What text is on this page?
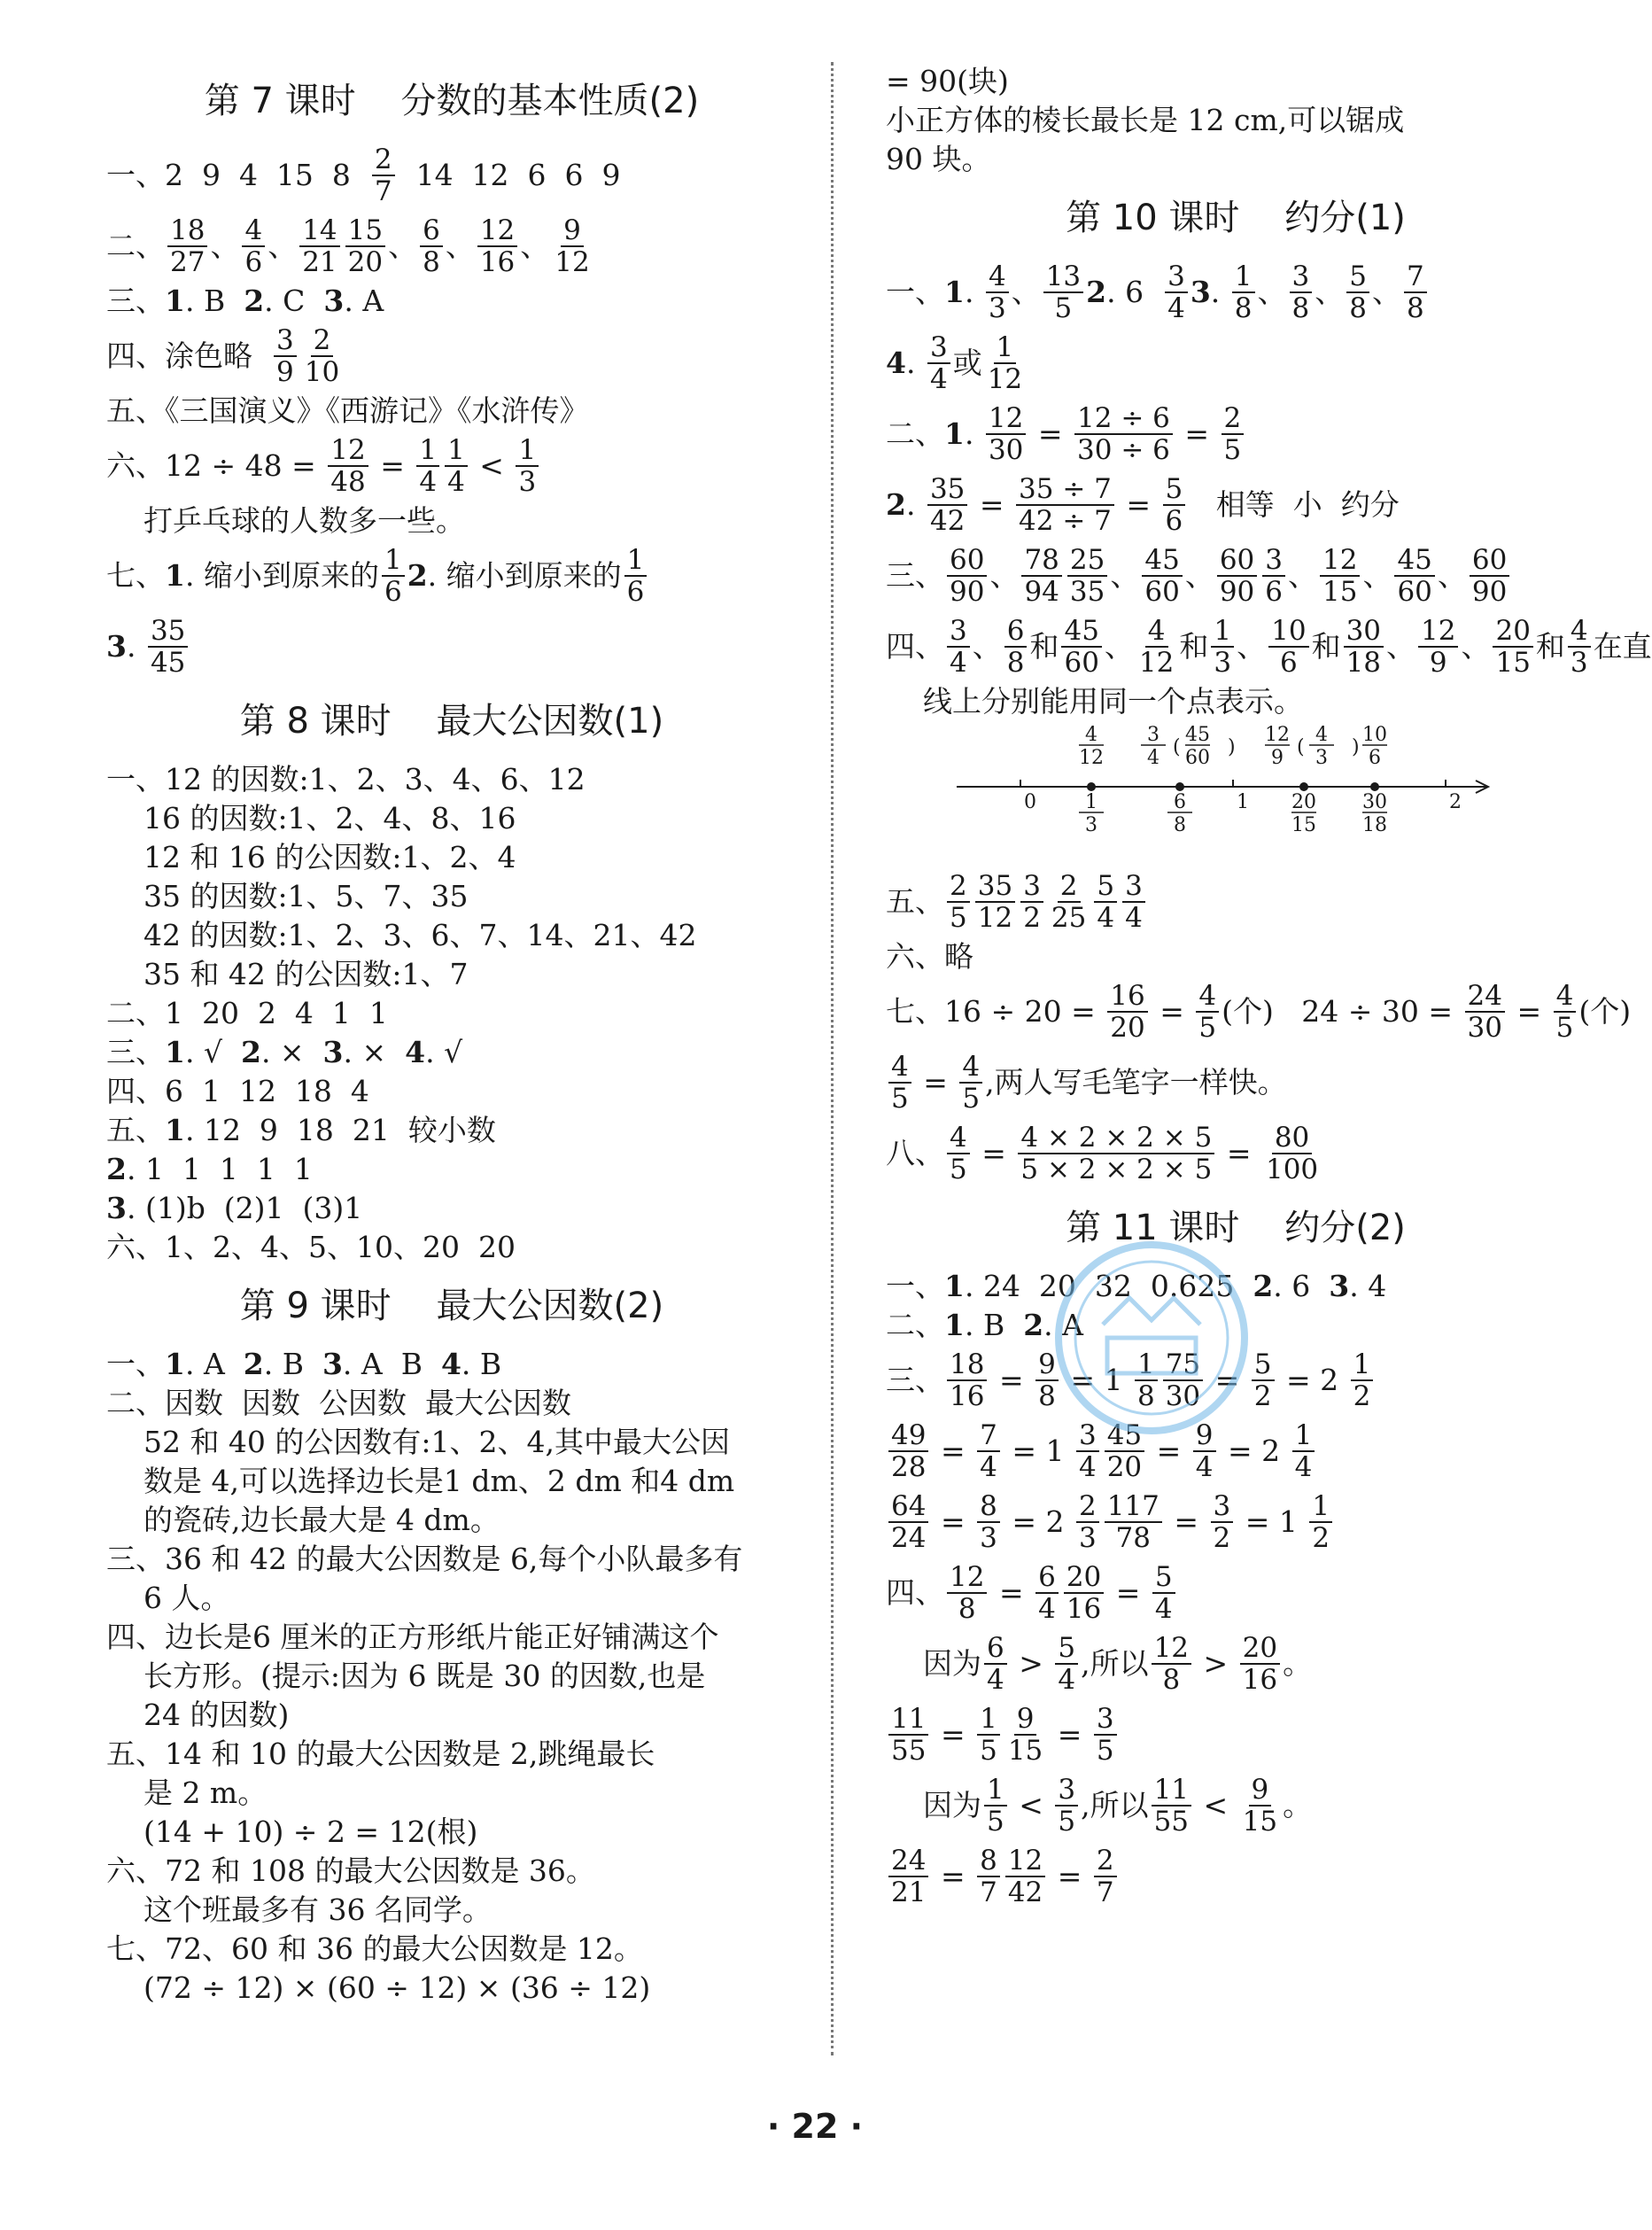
第 7 课时    分数的基本性质(2)
一、2  9  4  15  $8 \frac{2}{7} 14$  12  6  6  9
二、 $\frac{18}{27}$ 、 $\frac{4}{6}$ 、 $\frac{14}{21} \frac{15}{20}$ 、 $\frac{6}{8}$ 、 $\frac{12}{16}$ 、 $\frac{9}{12}$
三、 1 . B 2 . C 3 . A
四、涂色略 $\frac{3}{9} \frac{2}{10}$
五、《三国演义》《西游记》《水浒传》
六、$12 \div 48 = \frac{12}{48} = \frac{1}{4} \frac{1}{4} < \frac{1}{3}$
打乒乓球的人数多一些。
七、 1 . 缩小到原来的 $\frac{1}{6} 2$ . 缩小到原来的 $\frac{1}{6}$
3 . $\frac{35}{45}$
第 8 课时    最大公因数(1)
一、12 的因数:1、2、3、4、6、12
16 的因数:1、2、4、8、16
12 和 16 的公因数:1、2、4
35 的因数:1、5、7、35
42 的因数:1、2、3、6、7、14、21、42
35 和 42 的公因数:1、7
二、1  20  2  4  1  1
三、 1 . √ 2 . × 3 . × 4 . √
四、6  1  12  18  4
五、 1 . 12  9  18  21  较小数
2 . 1  1  1  1  1
3 . (1)b  (2)1  (3)1
六、1、2、4、5、10、20  20
第 9 课时    最大公因数(2)
一、 1 . A 2 . B 3 . A  B 4 . B
二、因数  因数  公因数  最大公因数
52 和 40 的公因数有:1、2、4,其中最大公因
数是 4,可以选择边长是1 dm、2 dm 和4 dm
的瓷砖,边长最大是 4 dm。
三、36 和 42 的最大公因数是 6,每个小队最多有
6 人。
四、边长是6 厘米的正方形纸片能正好铺满这个
长方形。(提示:因为 6 既是 30 的因数,也是
24 的因数)
五、14 和 10 的最大公因数是 2,跳绳最长
是 2 m。
(14 + 10) ÷ 2 = 12(根)
六、72 和 108 的最大公因数是 36。
这个班最多有 36 名同学。
七、72、60 和 36 的最大公因数是 12。
(72 ÷ 12) × (60 ÷ 12) × (36 ÷ 12)
= 90(块)
小正方体的棱长最长是 12 cm,可以锯成
90 块。
第 10 课时    约分(1)
一、 1 . $\frac{4}{3}$ 、 $\frac{13}{5} 2$ . $6 \frac{3}{4} 3$ . $\frac{1}{8}$ 、 $\frac{3}{8}$ 、 $\frac{5}{8}$ 、 $\frac{7}{8}$
4 . $\frac{3}{4}$ 或 $\frac{1}{12}$
二、 1 . $\frac{12}{30} = \frac{12 \div 6}{30 \div 6} = \frac{2}{5}$
2 . $\frac{35}{42} = \frac{35 \div 7}{42 \div 7} = \frac{5}{6}$ 相等  小  约分
三、 $\frac{60}{90}$ 、 $\frac{78}{94} \frac{25}{35}$ 、 $\frac{45}{60}$ 、 $\frac{60}{90} \frac{3}{6}$ 、 $\frac{12}{15}$ 、 $\frac{45}{60}$ 、 $\frac{60}{90}$
四、 $\frac{3}{4}$ 、 $\frac{6}{8}$ 和 $\frac{45}{60}$ 、 $\frac{4}{12}$ 和 $\frac{1}{3}$ 、 $\frac{10}{6}$ 和 $\frac{30}{18}$ 、 $\frac{12}{9}$ 、 $\frac{20}{15}$ 和 $\frac{4}{3}$ 在直
线上分别能用同一个点表示。
0	1	2
4
12
1
3
3
4 ( )
45
60
6
8
12
9 ( )
4
3
20
15
10
6
30
18
五、 $\frac{2}{5} \frac{35}{12} \frac{3}{2} \frac{2}{25} \frac{5}{4} \frac{3}{4}$
六、略
七、$16 \div 20 = \frac{16}{20} = \frac{4}{5}$ (个)   $24 \div 30 = \frac{24}{30} = \frac{4}{5}$ (个)
$\frac{4}{5} = \frac{4}{5}$ ,两人写毛笔字一样快。
八、 $\frac{4}{5} = \frac{4 \times 2 \times 2 \times 5}{5 \times 2 \times 2 \times 5} = \frac{80}{100}$
第 11 课时    约分(2)
一、 1 . 24  20  32  0.625 2 . 6 3 . 4
二、 1 . B 2 . A
三、 $\frac{18}{16} = \frac{9}{8} = 1 \frac{1}{8} \frac{75}{30} = \frac{5}{2} = 2 \frac{1}{2}$
$\frac{49}{28} = \frac{7}{4} = 1 \frac{3}{4} \frac{45}{20} = \frac{9}{4} = 2 \frac{1}{4}$
$\frac{64}{24} = \frac{8}{3} = 2 \frac{2}{3} \frac{117}{78} = \frac{3}{2} = 1 \frac{1}{2}$
四、 $\frac{12}{8} = \frac{6}{4} \frac{20}{16} = \frac{5}{4}$
因为 $\frac{6}{4} > \frac{5}{4}$ ,所以 $\frac{12}{8} > \frac{20}{16}$ 。
$\frac{11}{55} = \frac{1}{5} \frac{9}{15} = \frac{3}{5}$
因为 $\frac{1}{5} < \frac{3}{5}$ ,所以 $\frac{11}{55} < \frac{9}{15}$ 。
$\frac{24}{21} = \frac{8}{7} \frac{12}{42} = \frac{2}{7}$
· 22 ·
